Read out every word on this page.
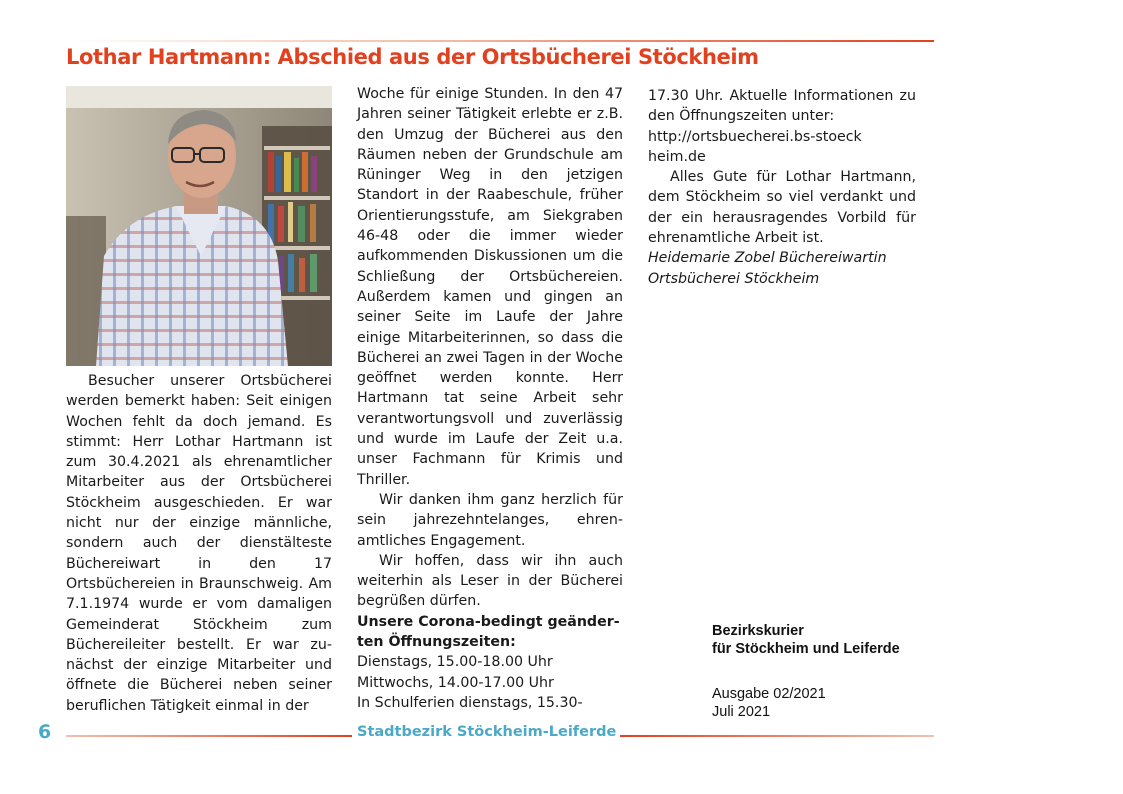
Lothar Hartmann: Abschied aus der Ortsbücherei Stöckheim

Besucher unserer Ortsbücherei werden bemerkt haben: Seit einigen Wochen fehlt da doch jemand. Es stimmt: Herr Lothar Hartmann ist zum 30.4.2021 als ehrenamtlicher Mitarbeiter aus der Ortsbücherei Stöckheim ausgeschieden. Er war nicht nur der einzige männliche, sondern auch der dienstälteste Büchereiwart in den 17 Ortsbüchereien in Braunschweig. Am 7.1.1974 wurde er vom damaligen Gemeinderat Stöckheim zum Büchereileiter bestellt. Er war zunächst der einzige Mitarbeiter und öffnete die Bücherei neben seiner beruflichen Tätigkeit einmal in der

Woche für einige Stunden. In den 47 Jahren seiner Tätigkeit erlebte er z.B. den Umzug der Bücherei aus den Räumen neben der Grundschule am Rüninger Weg in den jetzigen Standort in der Raabeschule, früher Orientierungsstufe, am Siekgraben 46-48 oder die immer wieder aufkommenden Diskussionen um die Schließung der Ortsbüchereien. Außerdem kamen und gingen an seiner Seite im Laufe der Jahre einige Mitarbeiterinnen, so dass die Bücherei an zwei Tagen in der Woche geöffnet werden konnte. Herr Hartmann tat seine Arbeit sehr verantwortungsvoll und zuverlässig und wurde im Laufe der Zeit u.a. unser Fachmann für Krimis und Thriller.

Wir danken ihm ganz herzlich für sein jahrezehntelanges, ehrenamtliches Engagement.

Wir hoffen, dass wir ihn auch weiterhin als Leser in der Bücherei begrüßen dürfen.

Unsere Corona-bedingt geänderten Öffnungszeiten:

Dienstags, 15.00-18.00 Uhr

Mittwochs, 14.00-17.00 Uhr

In Schulferien dienstags, 15.30-

17.30 Uhr. Aktuelle Informationen zu den Öffnungszeiten unter:

http://ortsbuecherei.bs-stoeck

heim.de

Alles Gute für Lothar Hartmann, dem Stöckheim so viel verdankt und der ein herausragendes Vorbild für ehrenamtliche Arbeit ist.

Heidemarie Zobel Büchereiwartin

Ortsbücherei Stöckheim

Bezirkskurier
für Stöckheim und Leiferde
Ausgabe 02/2021
Juli 2021
6	Stadtbezirk Stöckheim-Leiferde
